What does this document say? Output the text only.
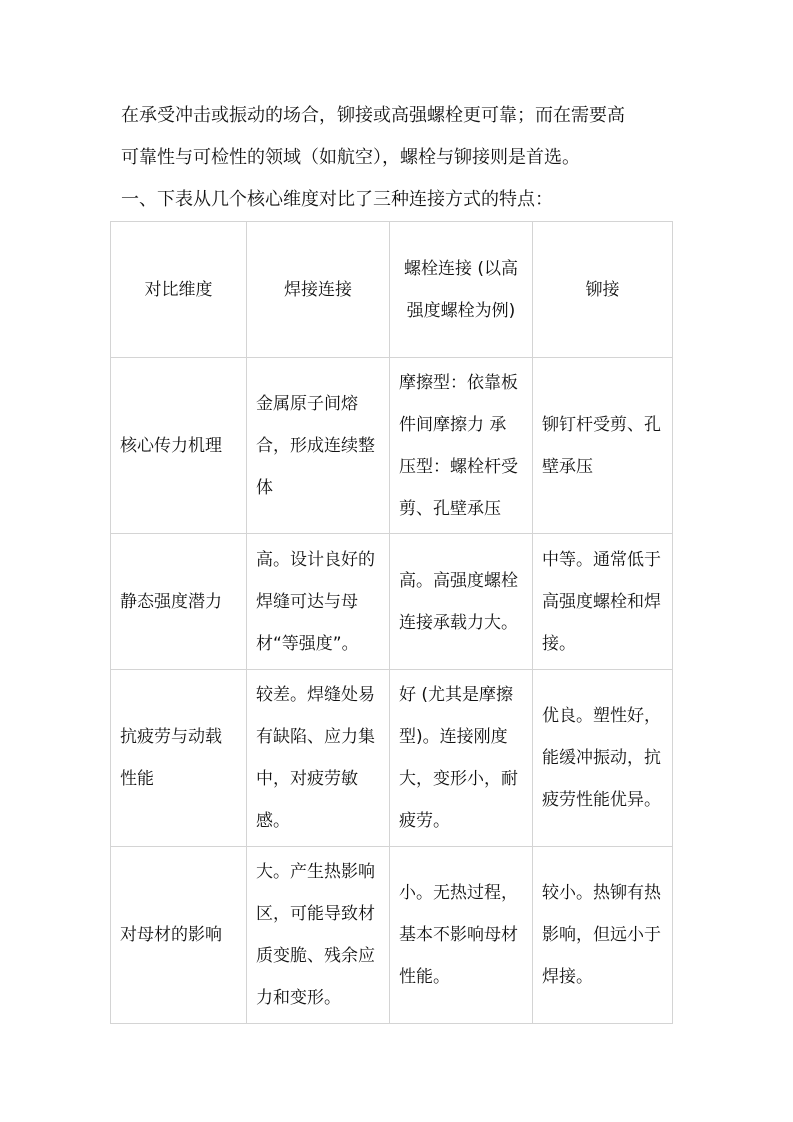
在承受冲击或振动的场合，铆接或高强螺栓更可靠；而在需要高
可靠性与可检性的领域（如航空），螺栓与铆接则是首选。
一、下表从几个核心维度对比了三种连接方式的特点：
对比维度	焊接连接	螺栓连接 (以高强度螺栓为例)	铆接
核心传力机理	金属原子间熔合，形成连续整体	摩擦型：依靠板件间摩擦力 承压型：螺栓杆受剪、孔壁承压	铆钉杆受剪、孔壁承压
静态强度潜力	高。设计良好的焊缝可达与母材“等强度”。	高。高强度螺栓连接承载力大。	中等。通常低于高强度螺栓和焊接。
抗疲劳与动载性能	较差。焊缝处易有缺陷、应力集中，对疲劳敏感。	好 (尤其是摩擦型)。连接刚度大，变形小，耐疲劳。	优良。塑性好，能缓冲振动，抗疲劳性能优异。
对母材的影响	大。产生热影响区，可能导致材质变脆、残余应力和变形。	小。无热过程，基本不影响母材性能。	较小。热铆有热影响，但远小于焊接。
